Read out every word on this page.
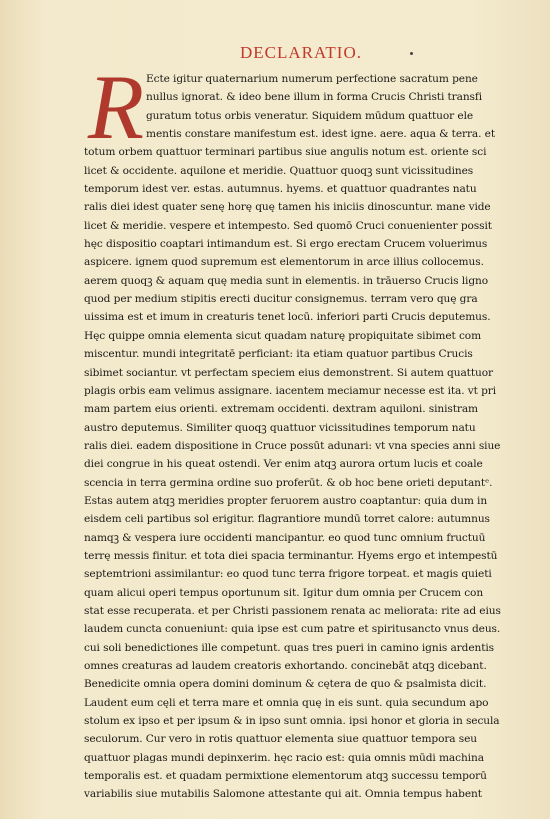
DECLARATIO.
R Ecte igitur quaternarium numerum perfectione sacratum pene
nullus ignorat. & ideo bene illum in forma Crucis Christi transfi
guratum totus orbis veneratur. Siquidem mūdum quattuor ele
mentis constare manifestum est. idest igne. aere. aqua & terra. et
totum orbem quattuor terminari partibus siue angulis notum est. oriente sci
licet & occidente. aquilone et meridie. Quattuor quoqꝫ sunt vicissitudines
temporum idest ver. estas. autumnus. hyems. et quattuor quadrantes natu
ralis diei idest quater senę horę quę tamen his iniciis dinoscuntur. mane vide
licet & meridie. vespere et intempesto. Sed quomō Cruci conuenienter possit
hęc dispositio coaptari intimandum est. Si ergo erectam Crucem voluerimus
aspicere. ignem quod supremum est elementorum in arce illius collocemus.
aerem quoqꝫ & aquam quę media sunt in elementis. in trāuerso Crucis ligno
quod per medium stipitis erecti ducitur consignemus. terram vero quę gra
uissima est et imum in creaturis tenet locū. inferiori parti Crucis deputemus.
Hęc quippe omnia elementa sicut quadam naturę propiquitate sibimet com
miscentur. mundi integritatē perficiant: ita etiam quatuor partibus Crucis
sibimet sociantur. vt perfectam speciem eius demonstrent. Si autem quattuor
plagis orbis eam velimus assignare. iacentem meciamur necesse est ita. vt pri
mam partem eius orienti. extremam occidenti. dextram aquiloni. sinistram
austro deputemus. Similiter quoqꝫ quattuor vicissitudines temporum natu
ralis diei. eadem dispositione in Cruce possūt adunari: vt vna species anni siue
diei congrue in his queat ostendi. Ver enim atqꝫ aurora ortum lucis et coale
scencia in terra germina ordine suo proferūt. & ob hoc bene orieti deputantᵉ.
Estas autem atqꝫ meridies propter feruorem austro coaptantur: quia dum in
eisdem celi partibus sol erigitur. flagrantiore mundū torret calore: autumnus
namqꝫ & vespera iure occidenti mancipantur. eo quod tunc omnium fructuū
terrę messis finitur. et tota diei spacia terminantur. Hyems ergo et intempestū
septemtrioni assimilantur: eo quod tunc terra frigore torpeat. et magis quieti
quam alicui operi tempus oportunum sit. Igitur dum omnia per Crucem con
stat esse recuperata. et per Christi passionem renata ac meliorata: rite ad eius
laudem cuncta conueniunt: quia ipse est cum patre et spiritusancto vnus deus.
cui soli benedictiones ille competunt. quas tres pueri in camino ignis ardentis
omnes creaturas ad laudem creatoris exhortando. concinebāt atqꝫ dicebant.
Benedicite omnia opera domini dominum & cętera de quo & psalmista dicit.
Laudent eum cęli et terra mare et omnia quę in eis sunt. quia secundum apo
stolum ex ipso et per ipsum & in ipso sunt omnia. ipsi honor et gloria in secula
seculorum. Cur vero in rotis quattuor elementa siue quattuor tempora seu
quattuor plagas mundi depinxerim. hęc racio est: quia omnis mūdi machina
temporalis est. et quadam permixtione elementorum atqꝫ successu temporū
variabilis siue mutabilis Salomone attestante qui ait. Omnia tempus habent
